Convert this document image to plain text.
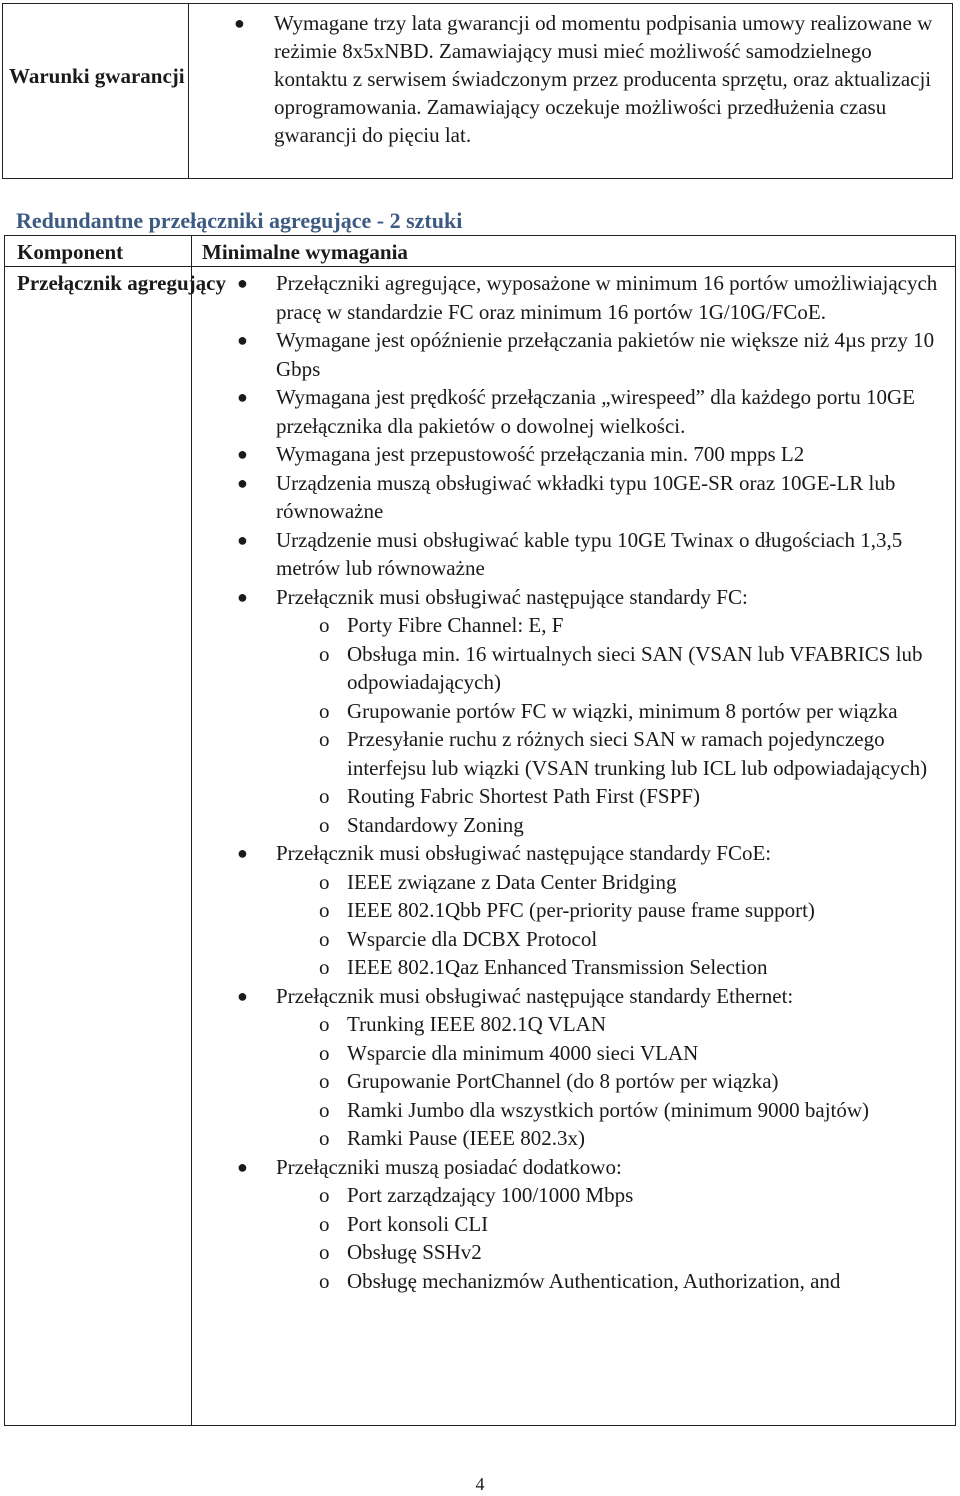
Warunki gwarancji
● Wymagane trzy lata gwarancji od momentu podpisania umowy realizowane w reżimie 8x5xNBD. Zamawiający musi mieć możliwość samodzielnego kontaktu z serwisem świadczonym przez producenta sprzętu, oraz aktualizacji oprogramowania. Zamawiający oczekuje możliwości przedłużenia czasu gwarancji do pięciu lat.
Redundantne przełączniki agregujące - 2 sztuki
Komponent	Minimalne wymagania
Przełącznik agregujący ● Przełączniki agregujące, wyposażone w minimum 16 portów umożliwiających pracę w standardzie FC oraz minimum 16 portów 1G/10G/FCoE.
● Wymagane jest opóźnienie przełączania pakietów nie większe niż 4µs przy 10 Gbps
● Wymagana jest prędkość przełączania „wirespeed” dla każdego portu 10GE przełącznika dla pakietów o dowolnej wielkości.
● Wymagana jest przepustowość przełączania min. 700 mpps L2
● Urządzenia muszą obsługiwać wkładki typu 10GE-SR oraz 10GE-LR lub równoważne
● Urządzenie musi obsługiwać kable typu 10GE Twinax o długościach 1,3,5 metrów lub równoważne
● Przełącznik musi obsługiwać następujące standardy FC:
o Porty Fibre Channel: E, F
o Obsługa min. 16 wirtualnych sieci SAN (VSAN lub VFABRICS lub odpowiadających)
o Grupowanie portów FC w wiązki, minimum 8 portów per wiązka
o Przesyłanie ruchu z różnych sieci SAN w ramach pojedynczego interfejsu lub wiązki (VSAN trunking lub ICL lub odpowiadających)
o Routing Fabric Shortest Path First (FSPF)
o Standardowy Zoning
● Przełącznik musi obsługiwać następujące standardy FCoE:
o IEEE związane z Data Center Bridging
o IEEE 802.1Qbb PFC (per-priority pause frame support)
o Wsparcie dla DCBX Protocol
o IEEE 802.1Qaz Enhanced Transmission Selection
● Przełącznik musi obsługiwać następujące standardy Ethernet:
o Trunking IEEE 802.1Q VLAN
o Wsparcie dla minimum 4000 sieci VLAN
o Grupowanie PortChannel (do 8 portów per wiązka)
o Ramki Jumbo dla wszystkich portów (minimum 9000 bajtów)
o Ramki Pause (IEEE 802.3x)
● Przełączniki muszą posiadać dodatkowo:
o Port zarządzający 100/1000 Mbps
o Port konsoli CLI
o Obsługę SSHv2
o Obsługę mechanizmów Authentication, Authorization, and
4
